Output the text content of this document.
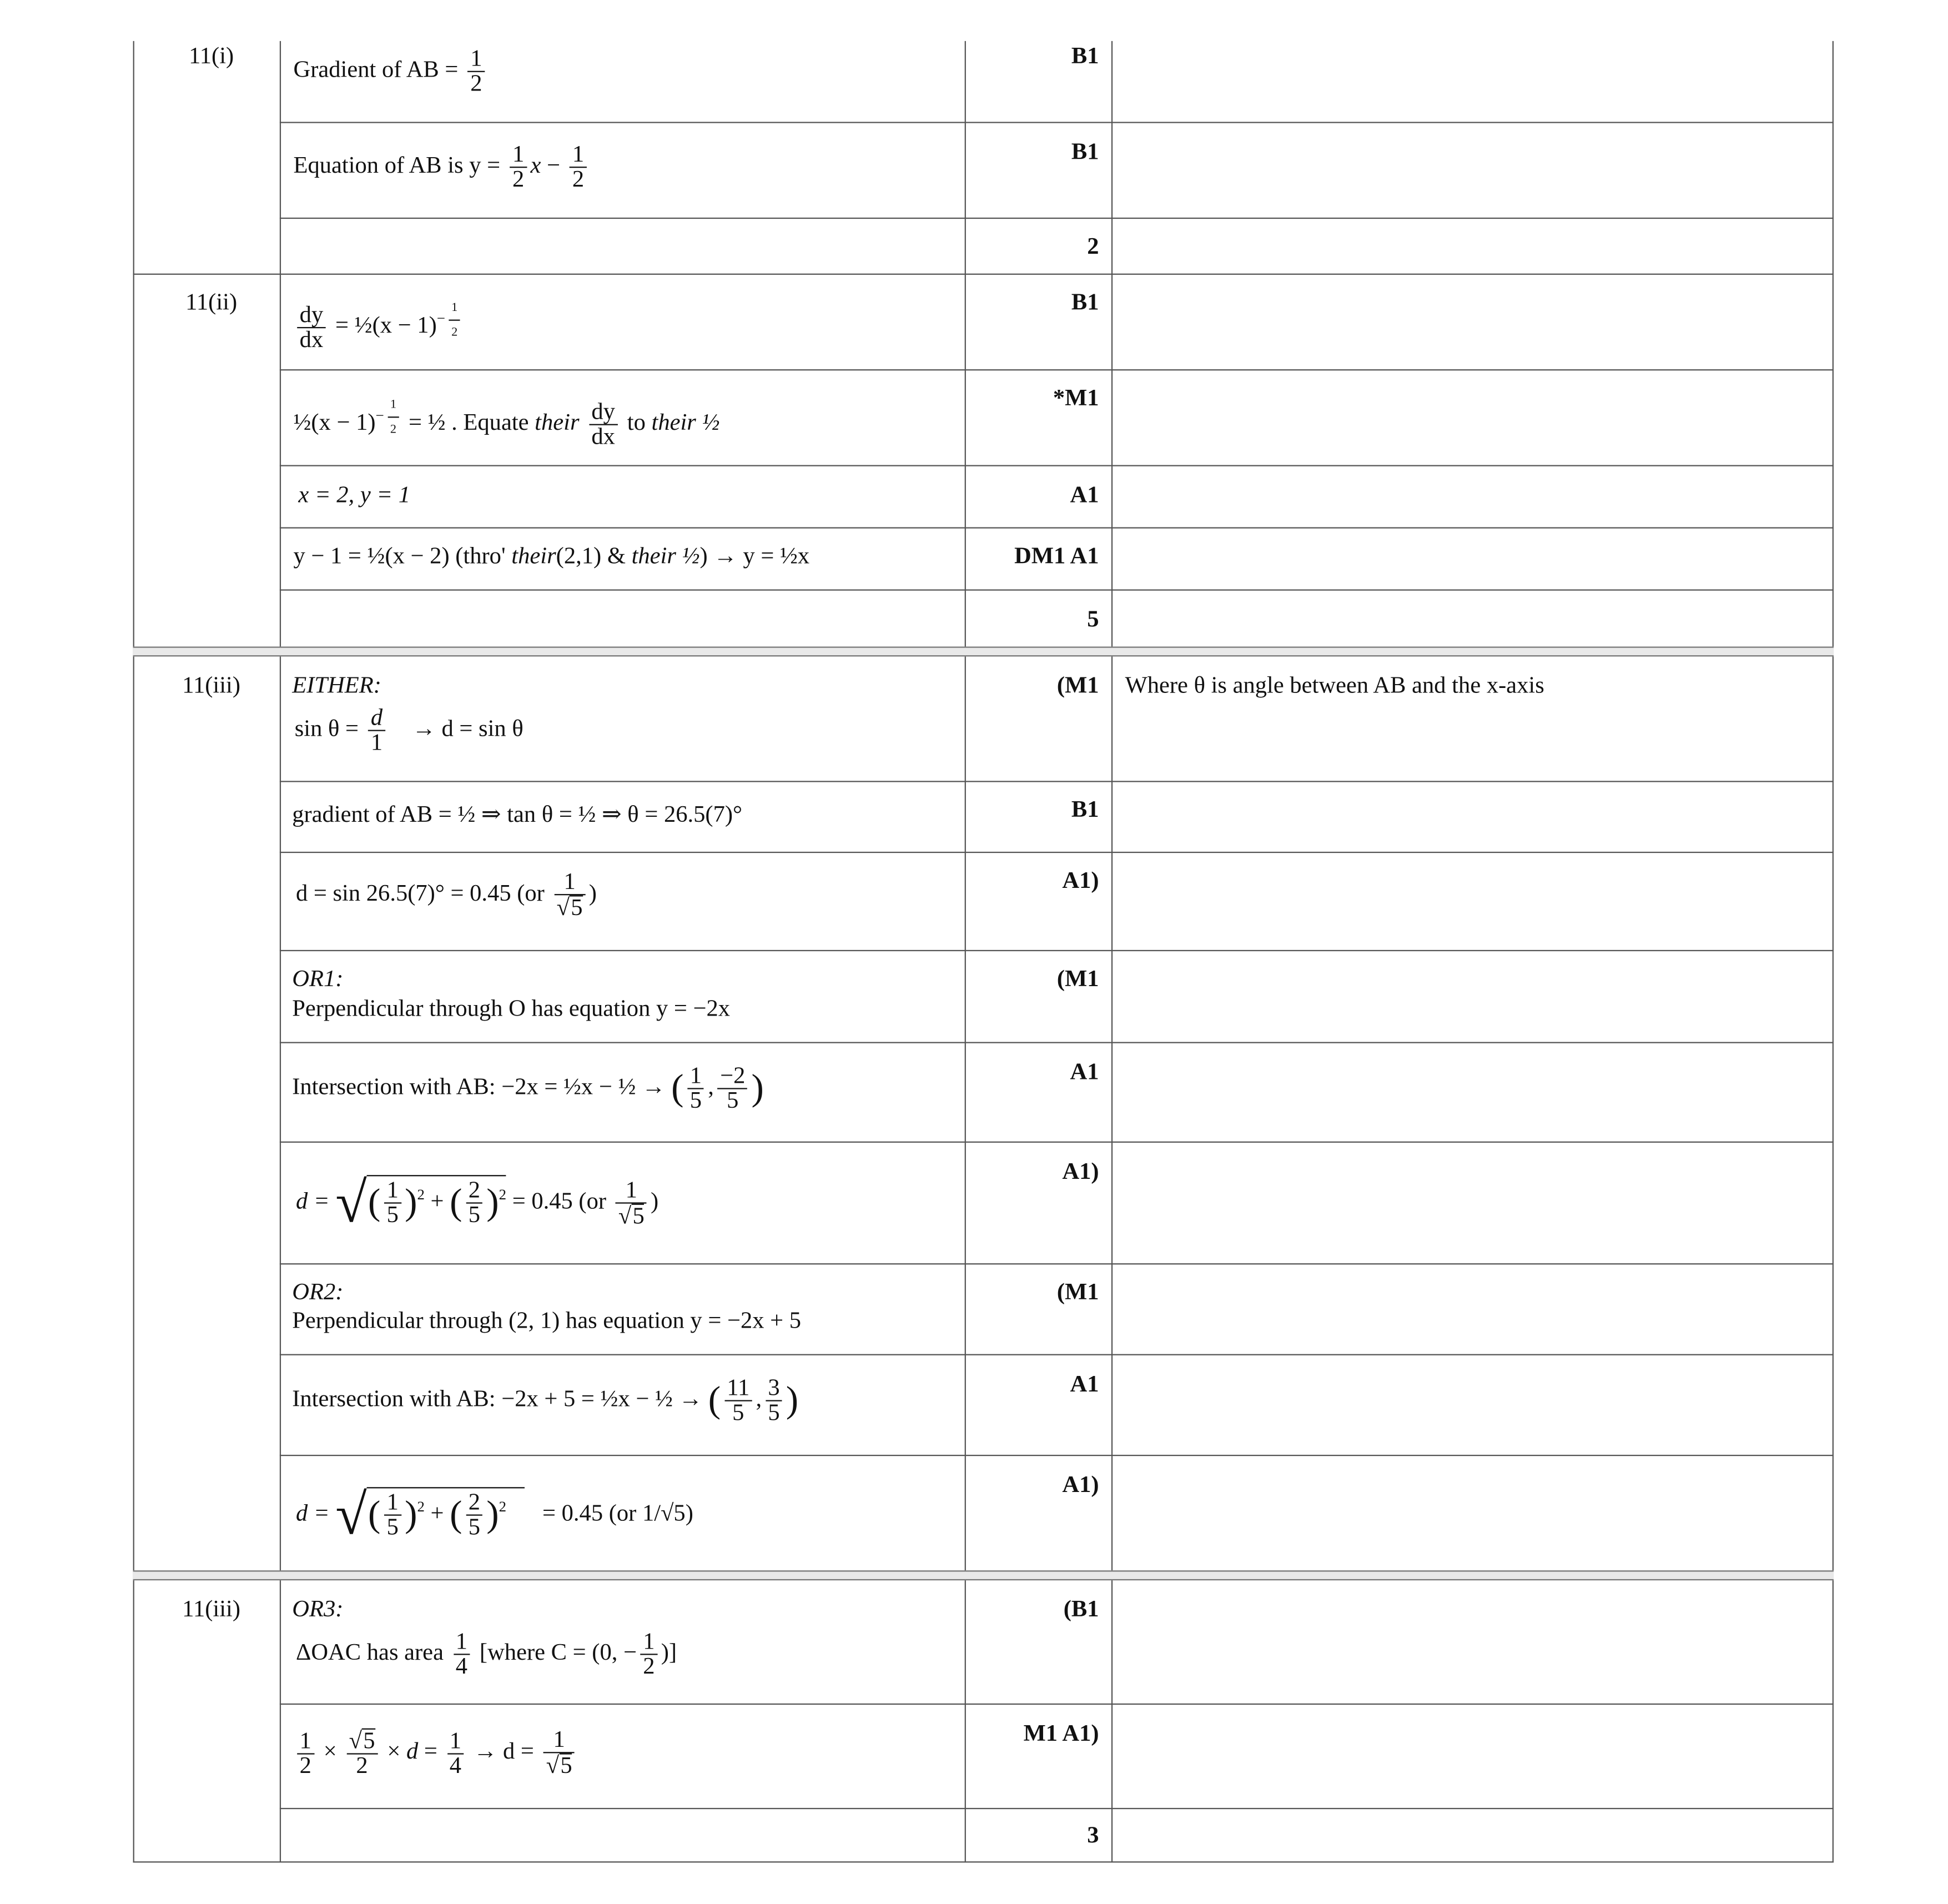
11(i)
11(ii)
11(iii)
11(iii)
B1
B1
2
B1
*M1
A1
DM1 A1
5
(M1
B1
A1)
(M1
A1
A1)
(M1
A1
A1)
(B1
M1 A1)
3
Where θ is angle between AB and the x-axis
Gradient of AB = $\frac{1}{2}$
Equation of AB is $y = \frac{1}{2}$ $x - \frac{1}{2}$
$\frac{dy}{dx}$ = ½(x − 1)$^{- \frac{1}{2}}$
½(x − 1)$^{- \frac{1}{2}}$ = ½ . Equate their $\frac{dy}{dx}$ to their ½
x = 2, y = 1
y − 1 = ½(x − 2) (thro' their(2,1) & their ½) → y = ½x
EITHER:
$\sin \theta = \frac{d}{1}$	→ d = sin θ
gradient of AB = ½ ⇒ tan θ = ½ ⇒ θ = 26.5(7)°
d = sin 26.5(7)° = 0.45 ($or \frac{1}{√ 5}$ )
OR1:
Perpendicular through O has equation y = −2x
Intersection with AB: −2x = ½x − ½ → ( $\frac{1}{5}$ , $\frac{-2}{5}$ )
d = √( $\frac{1}{5} )^2$ + ( $\frac{2}{5} )^2 = 0.45$ ($or \frac{1}{√ 5}$ )
OR2:
Perpendicular through (2, 1) has equation y = −2x + 5
Intersection with AB: −2x + 5 = ½x − ½ → ( $\frac{11}{5}$ , $\frac{3}{5}$ )
d = √( $\frac{1}{5} )^2$ + ( $\frac{2}{5} )^2$	= 0.45 (or 1/√5)
OR3:
ΔOAC has area $\frac{1}{4}$ [where C = (0, − $\frac{1}{2}$ )]
$\frac{1}{2} \times \frac{√ 5}{2} \times d = \frac{1}{4} \to d = \frac{1}{√ 5}$
